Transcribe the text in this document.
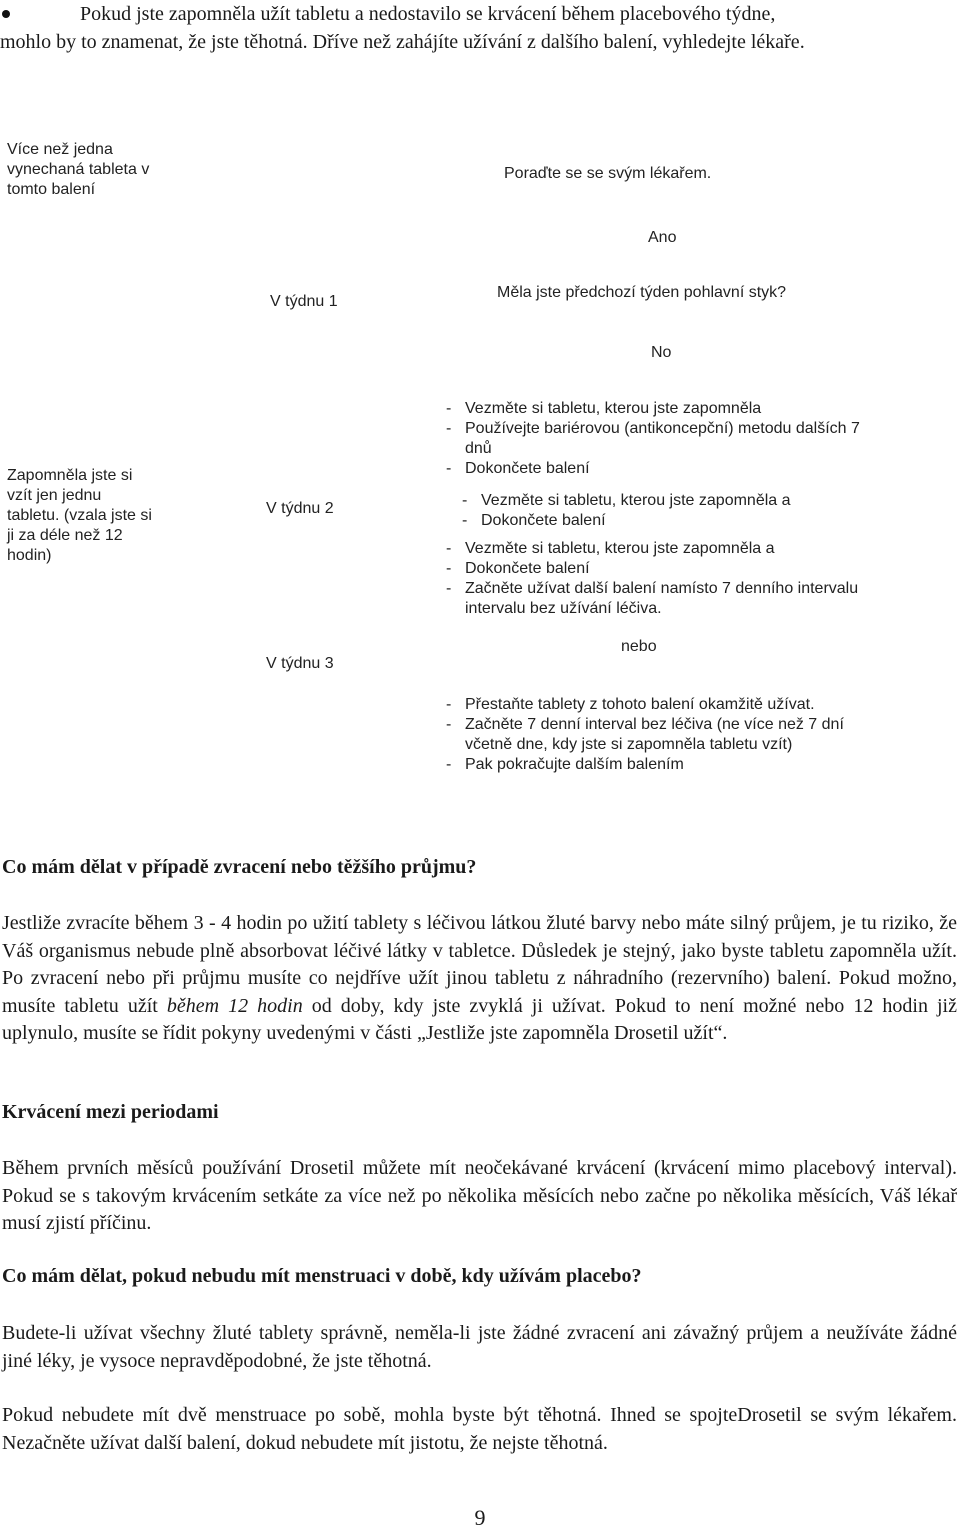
Pokud jste zapomněla užít tabletu a nedostavilo se krvácení během placebového týdne,

mohlo by to znamenat, že jste těhotná. Dříve než zahájíte užívání z dalšího balení, vyhledejte lékaře.

Více než jedna vynechaná tableta v tomto balení
Poraďte se se svým lékařem.
Ano
V týdnu 1
Měla jste předchozí týden pohlavní styk?
No
Zapomněla jste si vzít jen jednu tabletu. (vzala jste si ji za déle než 12 hodin)
V týdnu 2
V týdnu 3
nebo
- Vezměte si tabletu, kterou jste zapomněla
- Používejte bariérovou (antikoncepční) metodu dalších 7 dnů
- Dokončete balení
- Vezměte si tabletu, kterou jste zapomněla a
- Dokončete balení
- Vezměte si tabletu, kterou jste zapomněla a
- Dokončete balení
- Začněte užívat další balení namísto 7 denního intervalu intervalu bez užívání léčiva.
- Přestaňte tablety z tohoto balení okamžitě užívat.
- Začněte 7 denní interval bez léčiva (ne více než 7 dní včetně dne, kdy jste si zapomněla tabletu vzít)
- Pak pokračujte dalším balením
Co mám dělat v případě zvracení nebo těžšího průjmu?

Jestliže zvracíte během 3 - 4 hodin po užití tablety s léčivou látkou žluté barvy nebo máte silný průjem, je tu riziko, že Váš organismus nebude plně absorbovat léčivé látky v tabletce. Důsledek je stejný, jako byste tabletu zapomněla užít. Po zvracení nebo při průjmu musíte co nejdříve užít jinou tabletu z náhradního (rezervního) balení. Pokud možno, musíte tabletu užít během 12 hodin od doby, kdy jste zvyklá ji užívat. Pokud to není možné nebo 12 hodin již uplynulo, musíte se řídit pokyny uvedenými v části „Jestliže jste zapomněla Drosetil užít“.

Krvácení mezi periodami

Během prvních měsíců používání Drosetil můžete mít neočekávané krvácení (krvácení mimo placebový interval). Pokud se s takovým krvácením setkáte za více než po několika měsících nebo začne po několika měsících, Váš lékař musí zjistí příčinu.

Co mám dělat, pokud nebudu mít menstruaci v době, kdy užívám placebo?

Budete-li užívat všechny žluté tablety správně, neměla-li jste žádné zvracení ani závažný průjem a neužíváte žádné jiné léky, je vysoce nepravděpodobné, že jste těhotná.

Pokud nebudete mít dvě menstruace po sobě, mohla byste být těhotná. Ihned se spojteDrosetil se svým lékařem. Nezačněte užívat další balení, dokud nebudete mít jistotu, že nejste těhotná.

9
